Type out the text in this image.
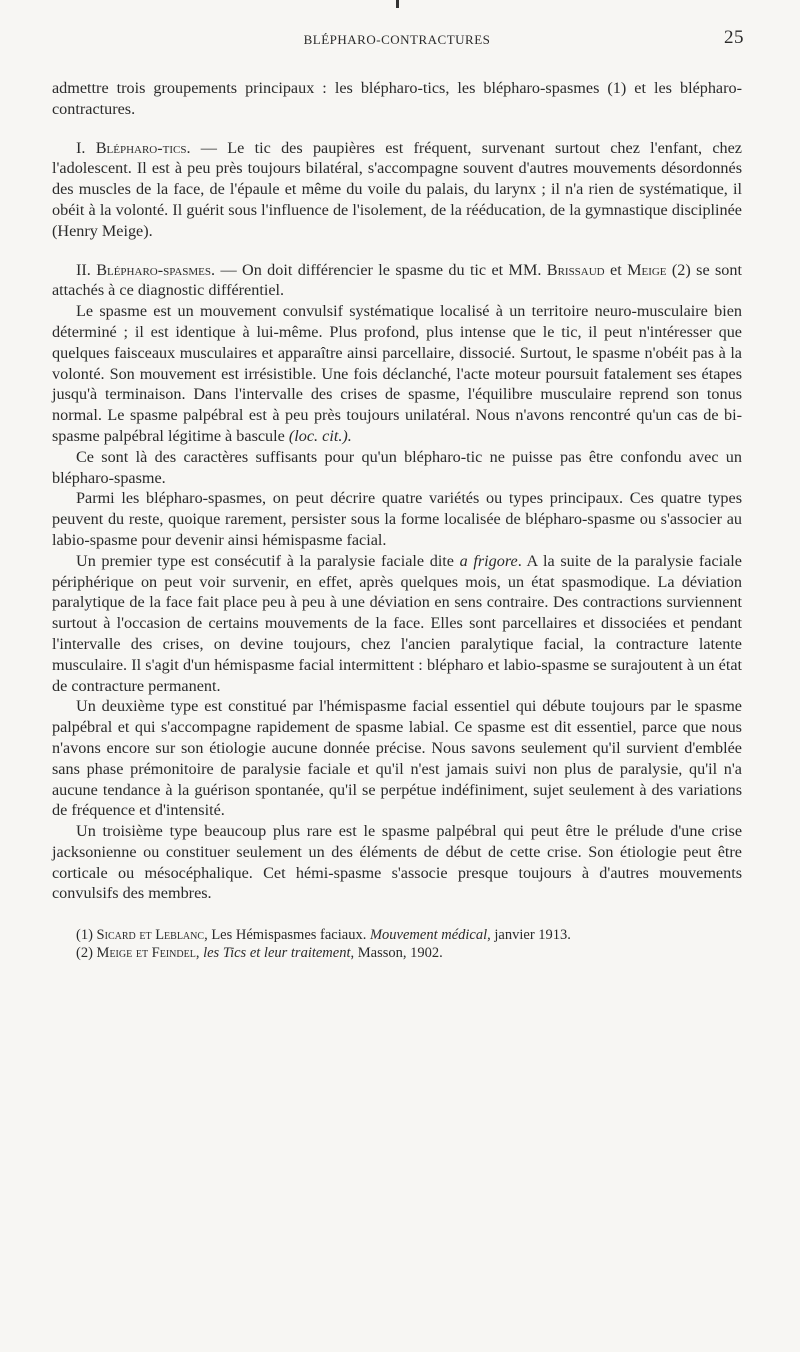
BLÉPHARO-CONTRACTURES	25

admettre trois groupements principaux : les blépharo-tics, les blépharo-spasmes (1) et les blépharo-contractures.

I. Blépharo-tics. — Le tic des paupières est fréquent, survenant surtout chez l'enfant, chez l'adolescent. Il est à peu près toujours bilatéral, s'accompagne souvent d'autres mouvements désordonnés des muscles de la face, de l'épaule et même du voile du palais, du larynx ; il n'a rien de systématique, il obéit à la volonté. Il guérit sous l'influence de l'isolement, de la rééducation, de la gymnastique disciplinée (Henry Meige).

II. Blépharo-spasmes. — On doit différencier le spasme du tic et MM. Brissaud et Meige (2) se sont attachés à ce diagnostic différentiel.

Le spasme est un mouvement convulsif systématique localisé à un territoire neuro-musculaire bien déterminé ; il est identique à lui-même. Plus profond, plus intense que le tic, il peut n'intéresser que quelques faisceaux musculaires et apparaître ainsi parcellaire, dissocié. Surtout, le spasme n'obéit pas à la volonté. Son mouvement est irrésistible. Une fois déclanché, l'acte moteur poursuit fatalement ses étapes jusqu'à terminaison. Dans l'intervalle des crises de spasme, l'équilibre musculaire reprend son tonus normal. Le spasme palpébral est à peu près toujours unilatéral. Nous n'avons rencontré qu'un cas de bi-spasme palpébral légitime à bascule (loc. cit.).

Ce sont là des caractères suffisants pour qu'un blépharo-tic ne puisse pas être confondu avec un blépharo-spasme.

Parmi les blépharo-spasmes, on peut décrire quatre variétés ou types principaux. Ces quatre types peuvent du reste, quoique rarement, persister sous la forme localisée de blépharo-spasme ou s'associer au labio-spasme pour devenir ainsi hémispasme facial.

Un premier type est consécutif à la paralysie faciale dite a frigore. A la suite de la paralysie faciale périphérique on peut voir survenir, en effet, après quelques mois, un état spasmodique. La déviation paralytique de la face fait place peu à peu à une déviation en sens contraire. Des contractions surviennent surtout à l'occasion de certains mouvements de la face. Elles sont parcellaires et dissociées et pendant l'intervalle des crises, on devine toujours, chez l'ancien paralytique facial, la contracture latente musculaire. Il s'agit d'un hémispasme facial intermittent : blépharo et labio-spasme se surajoutent à un état de contracture permanent.

Un deuxième type est constitué par l'hémispasme facial essentiel qui débute toujours par le spasme palpébral et qui s'accompagne rapidement de spasme labial. Ce spasme est dit essentiel, parce que nous n'avons encore sur son étiologie aucune donnée précise. Nous savons seulement qu'il survient d'emblée sans phase prémonitoire de paralysie faciale et qu'il n'est jamais suivi non plus de paralysie, qu'il n'a aucune tendance à la guérison spontanée, qu'il se perpétue indéfiniment, sujet seulement à des variations de fréquence et d'intensité.

Un troisième type beaucoup plus rare est le spasme palpébral qui peut être le prélude d'une crise jacksonienne ou constituer seulement un des éléments de début de cette crise. Son étiologie peut être corticale ou mésocéphalique. Cet hémi-spasme s'associe presque toujours à d'autres mouvements convulsifs des membres.

(1) Sicard et Leblanc, Les Hémispasmes faciaux. Mouvement médical, janvier 1913.
(2) Meige et Feindel, les Tics et leur traitement, Masson, 1902.
